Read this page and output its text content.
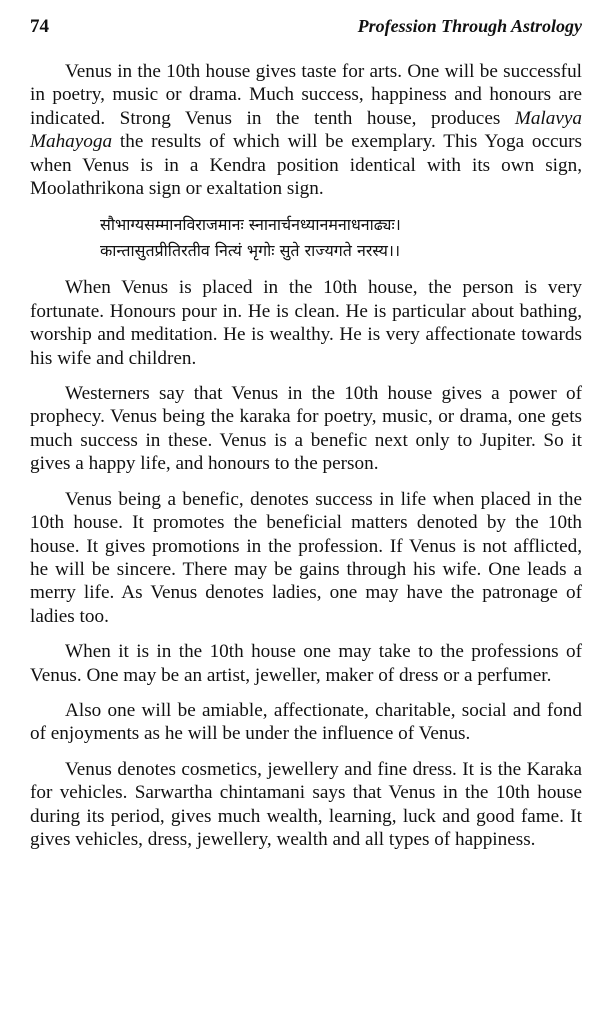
74	Profession Through Astrology

Venus in the 10th house gives taste for arts. One will be successful in poetry, music or drama. Much success, happiness and honours are indicated. Strong Venus in the tenth house, produces Malavya Mahayoga the results of which will be exemplary. This Yoga occurs when Venus is in a Kendra position identical with its own sign, Moolathrikona sign or exaltation sign.

सौभाग्यसम्मानविराजमानः स्नानार्चनध्यानमनाधनाढ्यः।
कान्तासुतप्रीतिरतीव नित्यं भृगोः सुते राज्यगते नरस्य।।

When Venus is placed in the 10th house, the person is very fortunate. Honours pour in. He is clean. He is particular about bathing, worship and meditation. He is wealthy. He is very affectionate towards his wife and children.

Westerners say that Venus in the 10th house gives a power of prophecy. Venus being the karaka for poetry, music, or drama, one gets much success in these. Venus is a benefic next only to Jupiter. So it gives a happy life, and honours to the person.

Venus being a benefic, denotes success in life when placed in the 10th house. It promotes the beneficial matters denoted by the 10th house. It gives promotions in the profession. If Venus is not afflicted, he will be sincere. There may be gains through his wife. One leads a merry life. As Venus denotes ladies, one may have the patronage of ladies too.

When it is in the 10th house one may take to the professions of Venus. One may be an artist, jeweller, maker of dress or a perfumer.

Also one will be amiable, affectionate, charitable, social and fond of enjoyments as he will be under the influence of Venus.

Venus denotes cosmetics, jewellery and fine dress. It is the Karaka for vehicles. Sarwartha chintamani says that Venus in the 10th house during its period, gives much wealth, learning, luck and good fame. It gives vehicles, dress, jewellery, wealth and all types of happiness.
